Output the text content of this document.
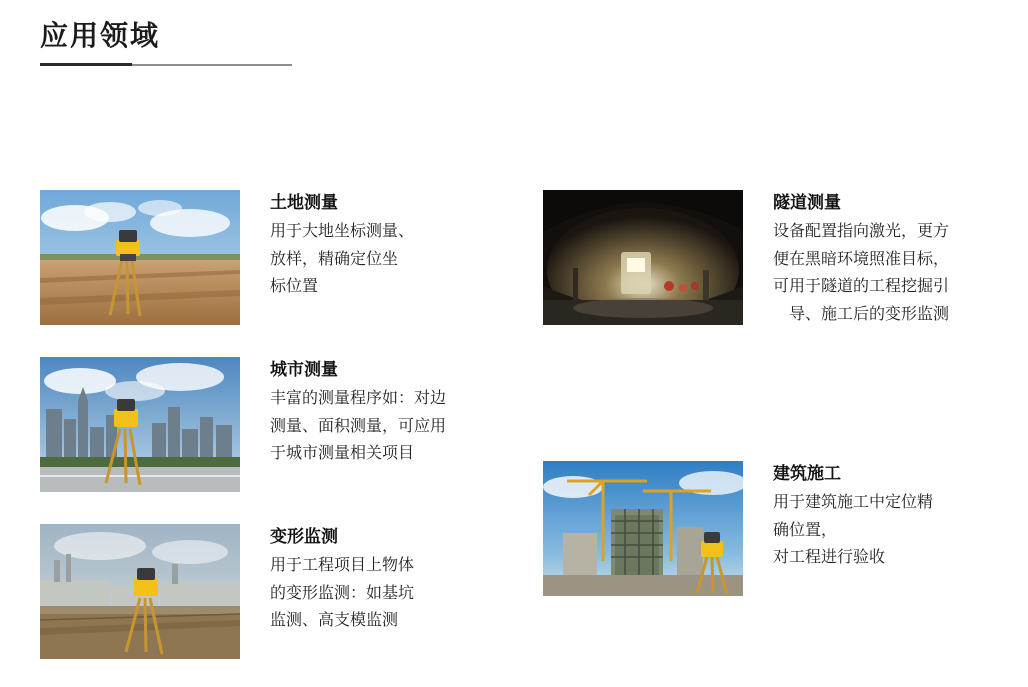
应用领域
土地测量
用于大地坐标测量、
放样，精确定位坐
标位置
城市测量
丰富的测量程序如：对边
测量、面积测量，可应用
于城市测量相关项目
变形监测
用于工程项目上物体
的变形监测：如基坑
监测、高支模监测
隧道测量
设备配置指向激光，更方
便在黑暗环境照准目标，
可用于隧道的工程挖掘引
导、施工后的变形监测
建筑施工
用于建筑施工中定位精
确位置，
对工程进行验收
